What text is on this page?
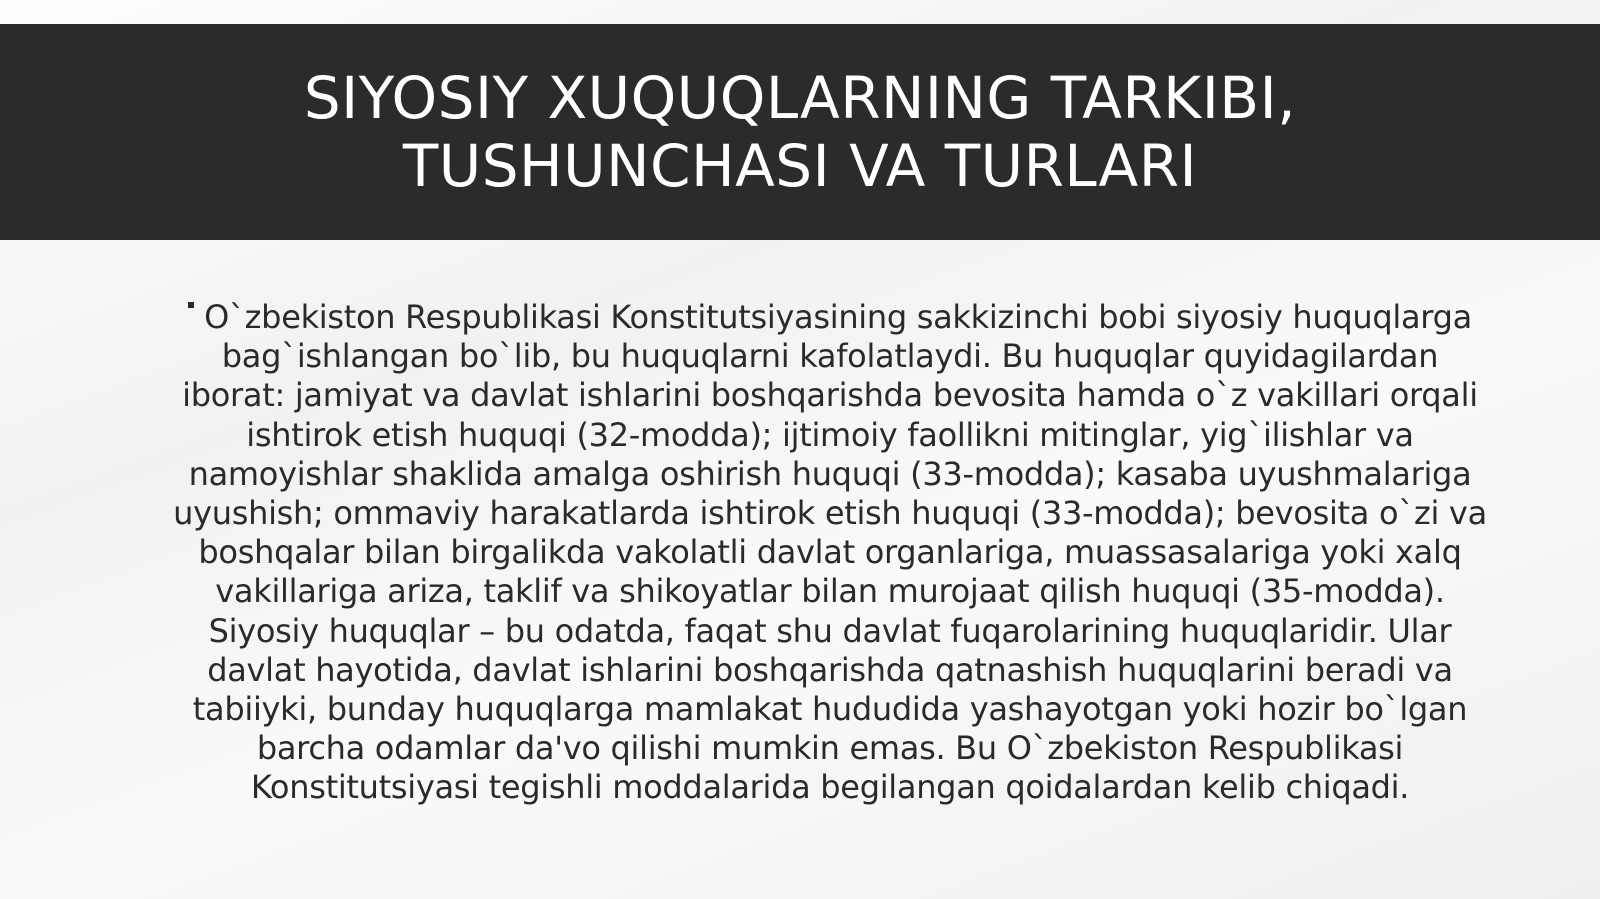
SIYOSIY XUQUQLARNING TARKIBI, TUSHUNCHASI VA TURLARI

O`zbekiston Respublikasi Konstitutsiyasining sakkizinchi bobi siyosiy huquqlarga bag`ishlangan bo`lib, bu huquqlarni kafolatlaydi. Bu huquqlar quyidagilardan iborat: jamiyat va davlat ishlarini boshqarishda bevosita hamda o`z vakillari orqali ishtirok etish huquqi (32-modda); ijtimoiy faollikni mitinglar, yig`ilishlar va namoyishlar shaklida amalga oshirish huquqi (33-modda); kasaba uyushmalariga uyushish; ommaviy harakatlarda ishtirok etish huquqi (33-modda); bevosita o`zi va boshqalar bilan birgalikda vakolatli davlat organlariga, muassasalariga yoki xalq vakillariga ariza, taklif va shikoyatlar bilan murojaat qilish huquqi (35-modda). Siyosiy huquqlar – bu odatda, faqat shu davlat fuqarolarining huquqlaridir. Ular davlat hayotida, davlat ishlarini boshqarishda qatnashish huquqlarini beradi va tabiiyki, bunday huquqlarga mamlakat hududida yashayotgan yoki hozir bo`lgan barcha odamlar da'vo qilishi mumkin emas. Bu O`zbekiston Respublikasi Konstitutsiyasi tegishli moddalarida begilangan qoidalardan kelib chiqadi.
